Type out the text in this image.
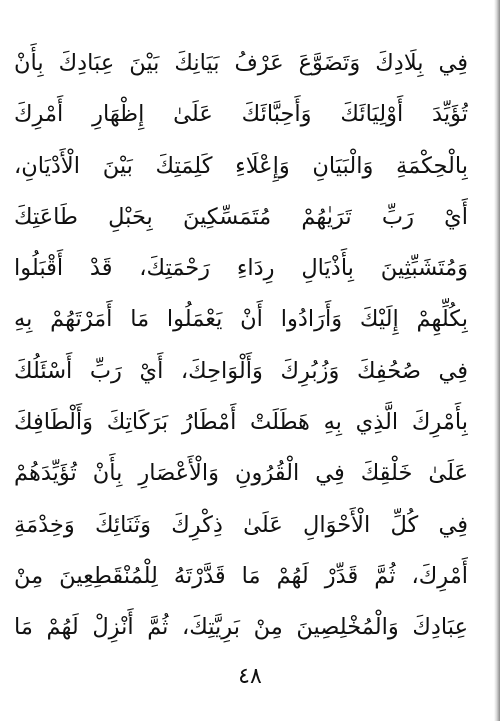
فِي بِلَادِكَ وَتَضَوَّعَ عَرْفُ بَيَانِكَ بَيْنَ عِبَادِكَ بِأَنْ
تُؤَيِّدَ أَوْلِيَائَكَ وَأَحِبَّائَكَ عَلَىٰ إِظْهَارِ أَمْرِكَ
بِالْحِكْمَةِ وَالْبَيَانِ وَإِعْلَاءِ كَلِمَتِكَ بَيْنَ الْأَدْيَانِ،
أَيْ رَبِّ تَرَيٰهُمْ مُتَمَسِّكِينَ بِحَبْلِ طَاعَتِكَ
وَمُتَشَبِّثِينَ بِأَذْيَالِ رِدَاءِ رَحْمَتِكَ، قَدْ أَقْبَلُوا
بِكُلِّهِمْ إِلَيْكَ وَأَرَادُوا أَنْ يَعْمَلُوا مَا أَمَرْتَهُمْ بِهِ
فِي صُحُفِكَ وَزُبُرِكَ وَأَلْوَاحِكَ، أَيْ رَبِّ أَسْئَلُكَ
بِأَمْرِكَ الَّذِي بِهِ هَطَلَتْ أَمْطَارُ بَرَكَاتِكَ وَأَلْطَافِكَ
عَلَىٰ خَلْقِكَ فِي الْقُرُونِ وَالْأَعْصَارِ بِأَنْ تُؤَيِّدَهُمْ
فِي كُلِّ الْأَحْوَالِ عَلَىٰ ذِكْرِكَ وَثَنَائِكَ وَخِدْمَةِ
أَمْرِكَ، ثُمَّ قَدِّرْ لَهُمْ مَا قَدَّرْتَهُ لِلْمُنْقَطِعِينَ مِنْ
عِبَادِكَ وَالْمُخْلِصِينَ مِنْ بَرِيَّتِكَ، ثُمَّ أَنْزِلْ لَهُمْ مَا
٤٨
